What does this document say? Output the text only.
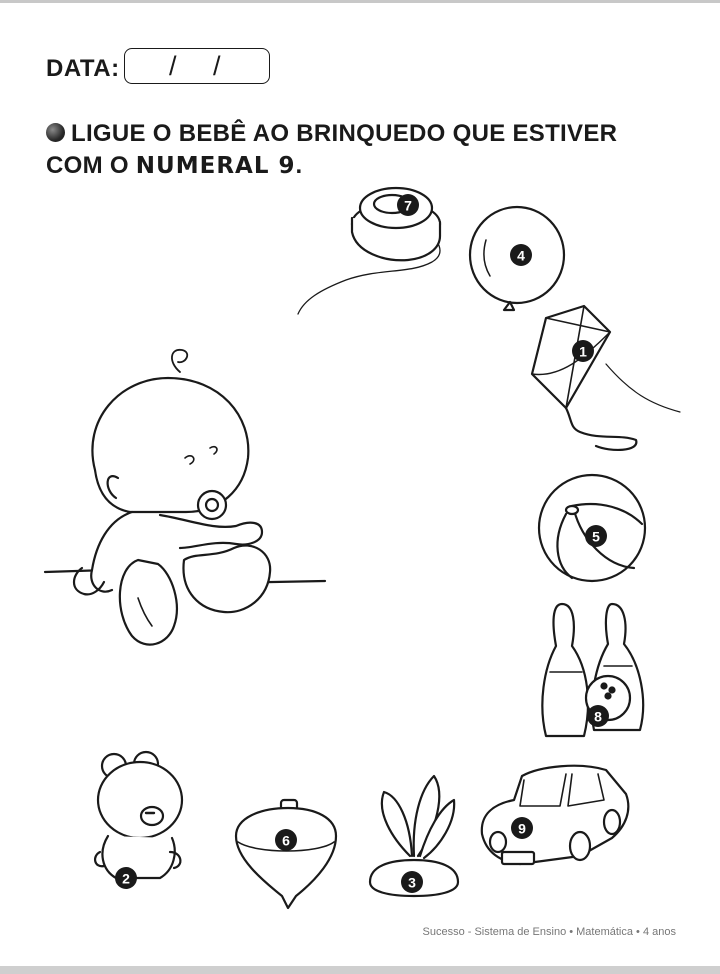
DATA: / /
LIGUE O BEBÊ AO BRINQUEDO QUE ESTIVER
COM O NUMERAL 9.
7
4
1
5
8
2
6
3
9
Sucesso - Sistema de Ensino • Matemática • 4 anos
